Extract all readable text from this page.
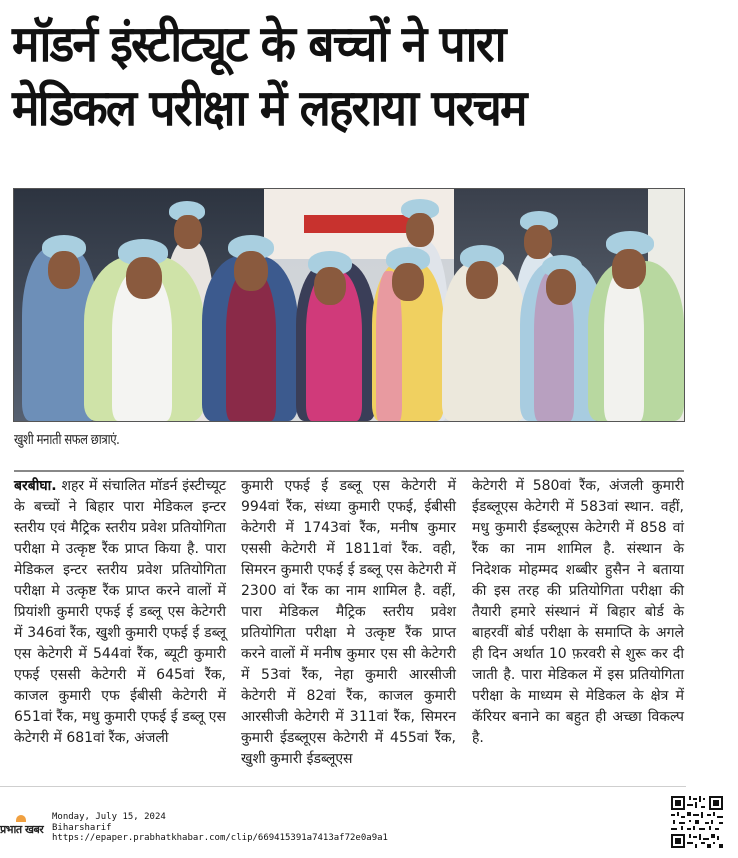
मॉडर्न इंस्टीट्यूट के बच्चों ने पारा
मेडिकल परीक्षा में लहराया परचम
खुशी मनाती सफल छात्राएं.
बरबीघा. शहर में संचालित मॉडर्न इंस्टीच्यूट के बच्चों ने बिहार पारा मेडिकल इन्टर स्तरीय एवं मैट्रिक स्तरीय प्रवेश प्रतियोगिता परीक्षा मे उत्कृष्ट रैंक प्राप्त किया है. पारा मेडिकल इन्टर स्तरीय प्रवेश प्रतियोगिता परीक्षा मे उत्कृष्ट रैंक प्राप्त करने वालों में प्रियांशी कुमारी एफई ई डब्लू एस केटेगरी में 346वां रैंक, खुशी कुमारी एफई ई डब्लू एस केटेगरी में 544वां रैंक, ब्यूटी कुमारी एफई एससी केटेगरी में 645वां रैंक, काजल कुमारी एफ ईबीसी केटेगरी में 651वां रैंक, मधु कुमारी एफई ई डब्लू एस केटेगरी में 681वां रैंक, अंजली
कुमारी एफई ई डब्लू एस केटेगरी में 994वां रैंक, संध्या कुमारी एफई, ईबीसी केटेगरी में 1743वां रैंक, मनीष कुमार एससी केटेगरी में 1811वां रैंक. वही, सिमरन कुमारी एफई ई डब्लू एस केटेगरी में 2300 वां रैंक का नाम शामिल है. वहीं, पारा मेडिकल मैट्रिक स्तरीय प्रवेश प्रतियोगिता परीक्षा मे उत्कृष्ट रैंक प्राप्त करने वालों में मनीष कुमार एस सी केटेगरी में 53वां रैंक, नेहा कुमारी आरसीजी केटेगरी में 82वां रैंक, काजल कुमारी आरसीजी केटेगरी में 311वां रैंक, सिमरन कुमारी ईडब्लूएस केटेगरी में 455वां रैंक, खुशी कुमारी ईडब्लूएस
केटेगरी में 580वां रैंक, अंजली कुमारी ईडब्लूएस केटेगरी में 583वां स्थान. वहीं, मधु कुमारी ईडब्लूएस केटेगरी में 858 वां रैंक का नाम शामिल है. संस्थान के निदेशक मोहम्मद शब्बीर हुसैन ने बताया की इस तरह की प्रतियोगिता परीक्षा की तैयारी हमारे संस्थानं में बिहार बोर्ड के बाहरवीं बोर्ड परीक्षा के समाप्ति के अगले ही दिन अर्थात 10 फ़रवरी से शुरू कर दी जाती है. पारा मेडिकल में इस प्रतियोगिता परीक्षा के माध्यम से मेडिकल के क्षेत्र में कॅरियर बनाने का बहुत ही अच्छा विकल्प है.
प्रभात खबर
Monday, July 15, 2024
Biharsharif
https://epaper.prabhatkhabar.com/clip/669415391a7413af72e0a9a1
